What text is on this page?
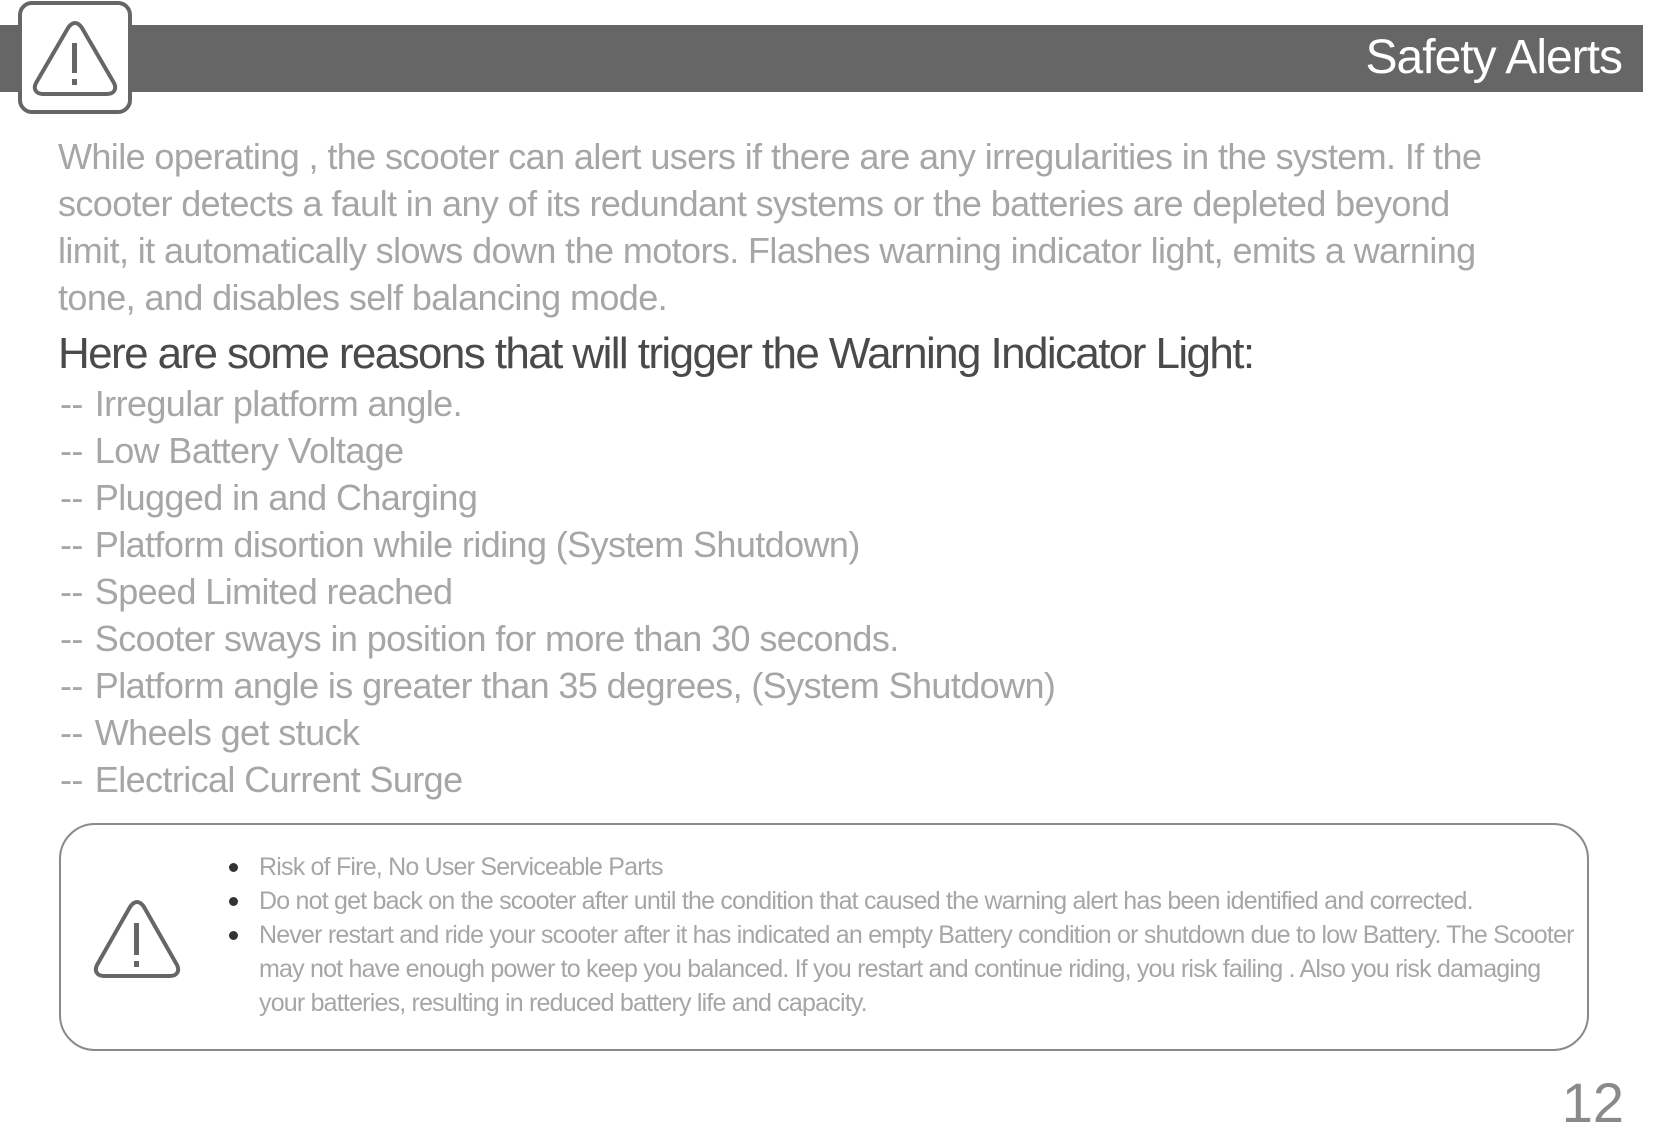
Safety Alerts

While operating , the scooter can alert users if there are any irregularities in the system. If the scooter detects a fault in any of its redundant systems or the batteries are depleted beyond limit, it automatically slows down the motors. Flashes warning indicator light, emits a warning tone, and disables self balancing mode.

Here are some reasons that will trigger the Warning Indicator Light:
-- Irregular platform angle.
-- Low Battery Voltage
-- Plugged in and Charging
-- Platform disortion while riding (System Shutdown)
-- Speed Limited reached
-- Scooter sways in position for more than 30 seconds.
-- Platform angle is greater than 35 degrees, (System Shutdown)
-- Wheels get stuck
-- Electrical Current Surge
Risk of Fire, No User Serviceable Parts
Do not get back on the scooter after until the condition that caused the warning alert has been identified and corrected.
Never restart and ride your scooter after it has indicated an empty Battery condition or shutdown due to low Battery. The Scooter may not have enough power to keep you balanced. If you restart and continue riding, you risk failing . Also you risk damaging your batteries, resulting in reduced battery life and capacity.
12
